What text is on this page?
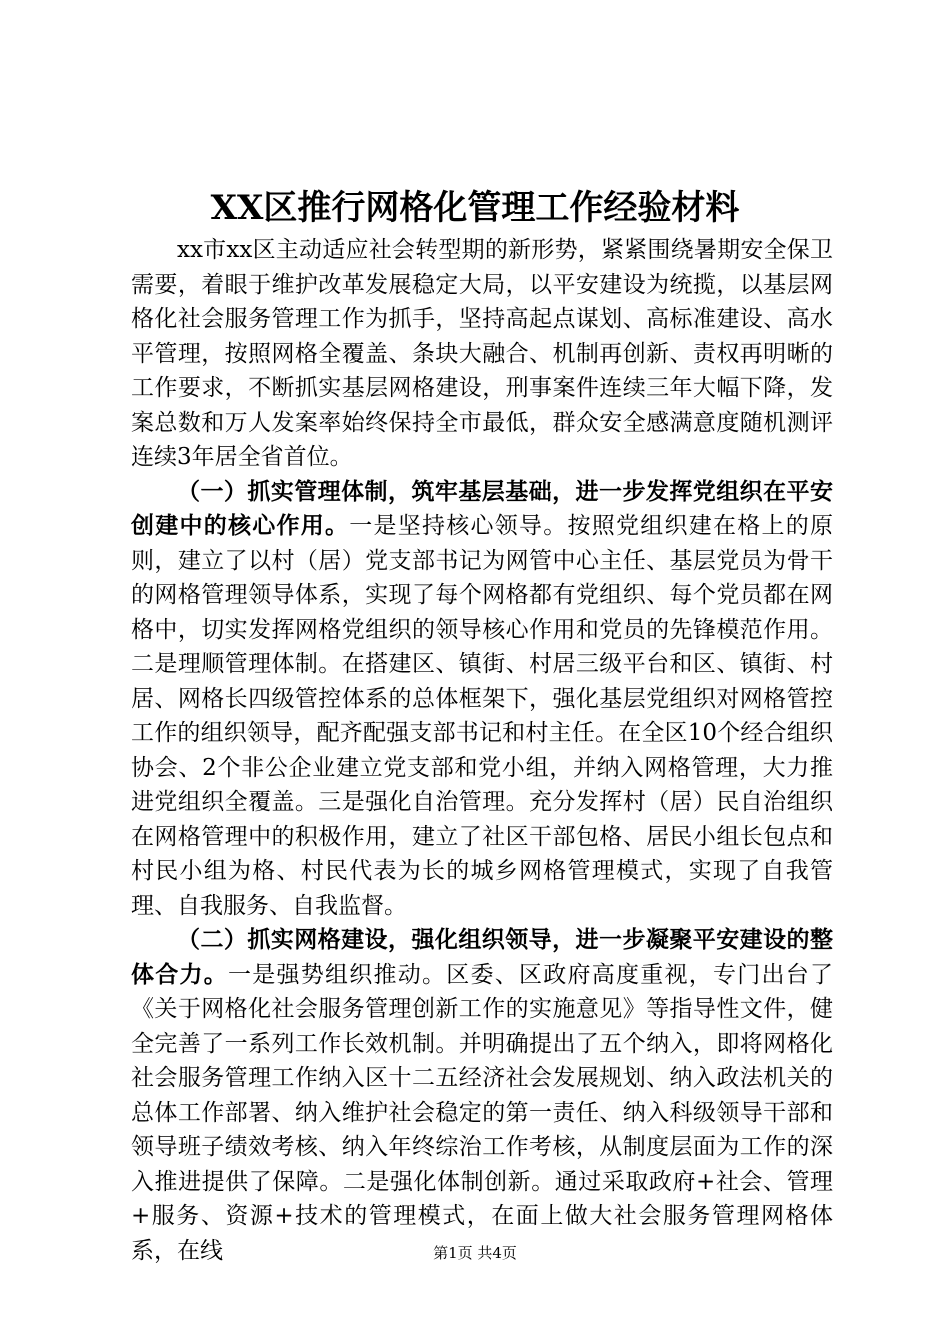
XX区推行网格化管理工作经验材料

xx市xx区主动适应社会转型期的新形势，紧紧围绕暑期安全保卫需要，着眼于维护改革发展稳定大局，以平安建设为统揽，以基层网格化社会服务管理工作为抓手，坚持高起点谋划、高标准建设、高水平管理，按照网格全覆盖、条块大融合、机制再创新、责权再明晰的工作要求，不断抓实基层网格建设，刑事案件连续三年大幅下降，发案总数和万人发案率始终保持全市最低，群众安全感满意度随机测评连续3年居全省首位。

（一）抓实管理体制，筑牢基层基础，进一步发挥党组织在平安创建中的核心作用。一是坚持核心领导。按照党组织建在格上的原则，建立了以村（居）党支部书记为网管中心主任、基层党员为骨干的网格管理领导体系，实现了每个网格都有党组织、每个党员都在网格中，切实发挥网格党组织的领导核心作用和党员的先锋模范作用。二是理顺管理体制。在搭建区、镇街、村居三级平台和区、镇街、村居、网格长四级管控体系的总体框架下，强化基层党组织对网格管控工作的组织领导，配齐配强支部书记和村主任。在全区10个经合组织协会、2个非公企业建立党支部和党小组，并纳入网格管理，大力推进党组织全覆盖。三是强化自治管理。充分发挥村（居）民自治组织在网格管理中的积极作用，建立了社区干部包格、居民小组长包点和村民小组为格、村民代表为长的城乡网格管理模式，实现了自我管理、自我服务、自我监督。

（二）抓实网格建设，强化组织领导，进一步凝聚平安建设的整体合力。一是强势组织推动。区委、区政府高度重视，专门出台了《关于网格化社会服务管理创新工作的实施意见》等指导性文件，健全完善了一系列工作长效机制。并明确提出了五个纳入，即将网格化社会服务管理工作纳入区十二五经济社会发展规划、纳入政法机关的总体工作部署、纳入维护社会稳定的第一责任、纳入科级领导干部和领导班子绩效考核、纳入年终综治工作考核，从制度层面为工作的深入推进提供了保障。二是强化体制创新。通过采取政府+社会、管理+服务、资源+技术的管理模式，在面上做大社会服务管理网格体系，在线	第1页 共4页
